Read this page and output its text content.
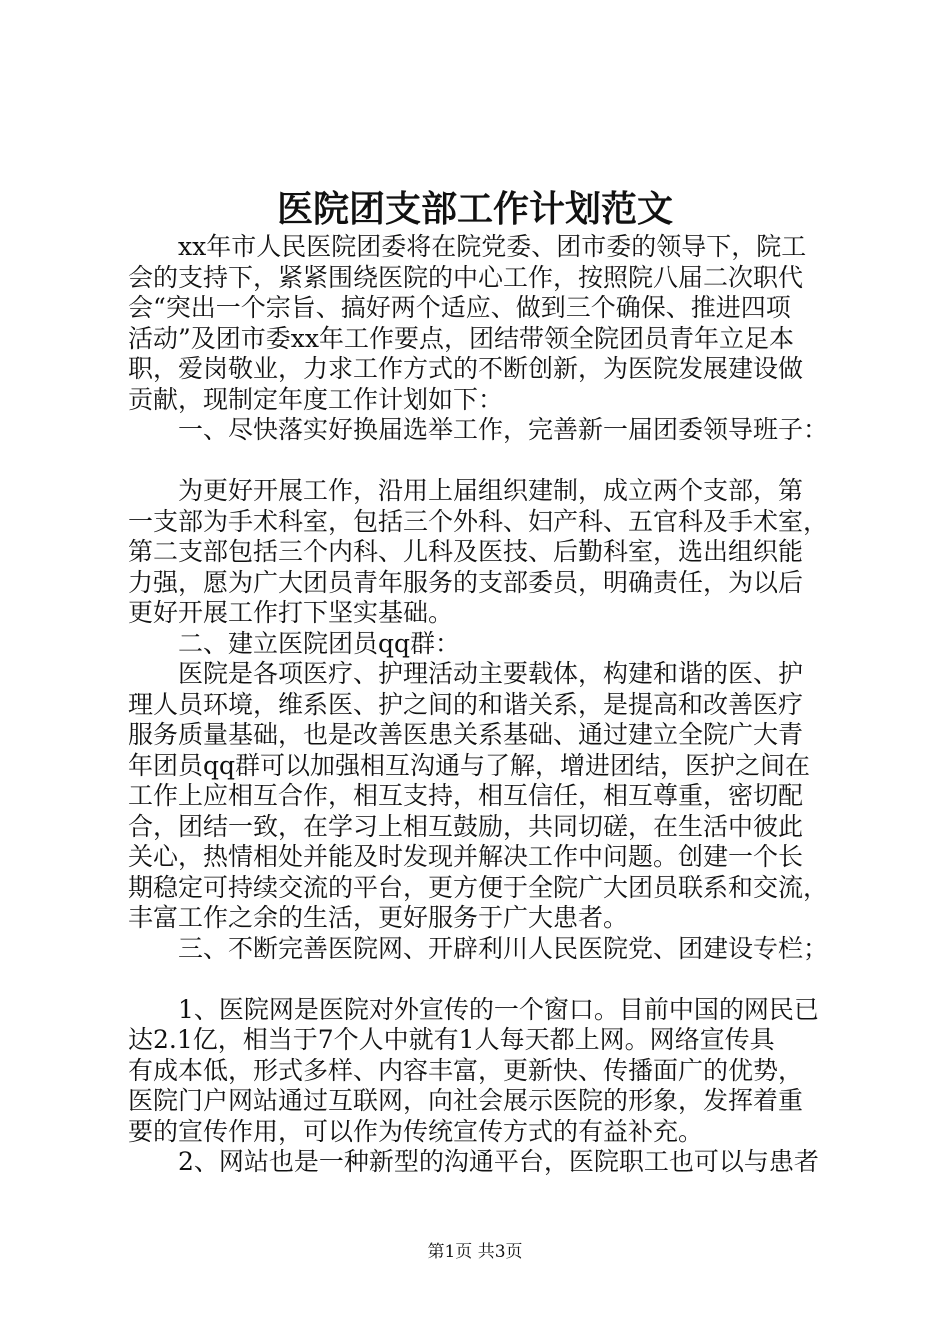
医院团支部工作计划范文
　　xx年市人民医院团委将在院党委、团市委的领导下，院工
会的支持下，紧紧围绕医院的中心工作，按照院八届二次职代
会“突出一个宗旨、搞好两个适应、做到三个确保、推进四项
活动”及团市委xx年工作要点，团结带领全院团员青年立足本
职，爱岗敬业，力求工作方式的不断创新，为医院发展建设做
贡献，现制定年度工作计划如下：
　　一、尽快落实好换届选举工作，完善新一届团委领导班子：
　　为更好开展工作，沿用上届组织建制，成立两个支部，第
一支部为手术科室，包括三个外科、妇产科、五官科及手术室，
第二支部包括三个内科、儿科及医技、后勤科室，选出组织能
力强，愿为广大团员青年服务的支部委员，明确责任，为以后
更好开展工作打下坚实基础。
　　二、建立医院团员qq群：
　　医院是各项医疗、护理活动主要载体，构建和谐的医、护
理人员环境，维系医、护之间的和谐关系，是提高和改善医疗
服务质量基础，也是改善医患关系基础、通过建立全院广大青
年团员qq群可以加强相互沟通与了解，增进团结，医护之间在
工作上应相互合作，相互支持，相互信任，相互尊重，密切配
合，团结一致，在学习上相互鼓励，共同切磋，在生活中彼此
关心，热情相处并能及时发现并解决工作中问题。创建一个长
期稳定可持续交流的平台，更方便于全院广大团员联系和交流，
丰富工作之余的生活，更好服务于广大患者。
　　三、不断完善医院网、开辟利川人民医院党、团建设专栏；
　　1、医院网是医院对外宣传的一个窗口。目前中国的网民已
达2.1亿，相当于7个人中就有1人每天都上网。网络宣传具
有成本低，形式多样、内容丰富，更新快、传播面广的优势，
医院门户网站通过互联网，向社会展示医院的形象，发挥着重
要的宣传作用，可以作为传统宣传方式的有益补充。
　　2、网站也是一种新型的沟通平台，医院职工也可以与患者
第1页 共3页
